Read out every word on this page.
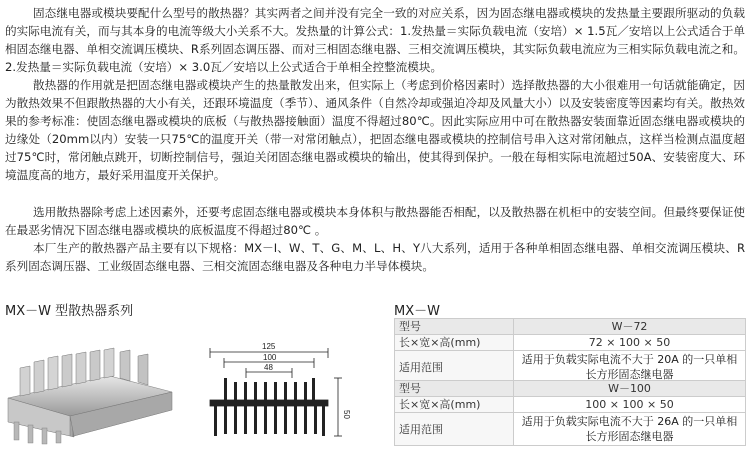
固态继电器或模块要配什么型号的散热器？其实两者之间并没有完全一致的对应关系，因为固态继电器或模块的发热量主要跟所驱动的负载的实际电流有关，而与其本身的电流等级大小关系不大。发热量的计算公式：1.发热量＝实际负载电流（安培）× 1.5瓦／安培以上公式适合于单相固态继电器、单相交流调压模块、R系列固态调压器、而对三相固态继电器、三相交流调压模块，其实际负载电流应为三相实际负载电流之和。2.发热量＝实际负载电流（安培）× 3.0瓦／安培以上公式适合于单相全控整流模块。

散热器的作用就是把固态继电器或模块产生的热量散发出来，但实际上（考虑到价格因素时）选择散热器的大小很难用一句话就能确定，因为散热效果不但跟散热器的大小有关，还跟环境温度（季节）、通风条件（自然冷却或强迫冷却及风量大小）以及安装密度等因素均有关。散热效果的参考标准：使固态继电器或模块的底板（与散热器接触面）温度不得超过80℃。因此实际应用中可在散热器安装面靠近固态继电器或模块的边缘处（20mm以内）安装一只75℃的温度开关（带一对常闭触点），把固态继电器或模块的控制信号串入这对常闭触点，这样当检测点温度超过75℃时，常闭触点跳开，切断控制信号，强迫关闭固态继电器或模块的输出，使其得到保护。一般在每相实际电流超过50A、安装密度大、环境温度高的地方，最好采用温度开关保护。

选用散热器除考虑上述因素外，还要考虑固态继电器或模块本身体积与散热器能否相配，以及散热器在机柜中的安装空间。但最终要保证使在最恶劣情况下固态继电器或模块的底板温度不得超过80℃ 。

本厂生产的散热器产品主要有以下规格：MX－I、W、T、G、M、L、H、Y八大系列，适用于各种单相固态继电器、单相交流调压模块、R系列固态调压器、工业级固态继电器、三相交流固态继电器及各种电力半导体模块。

MX－W 型散热器系列	MX－W
125
100
48
50
型号	W－72
长×宽×高(mm)	72 × 100 × 50
适用范围	适用于负载实际电流不大于 20A 的一只单相长方形固态继电器
型号	W－100
长×宽×高(mm)	100 × 100 × 50
适用范围	适用于负载实际电流不大于 26A 的一只单相长方形固态继电器
